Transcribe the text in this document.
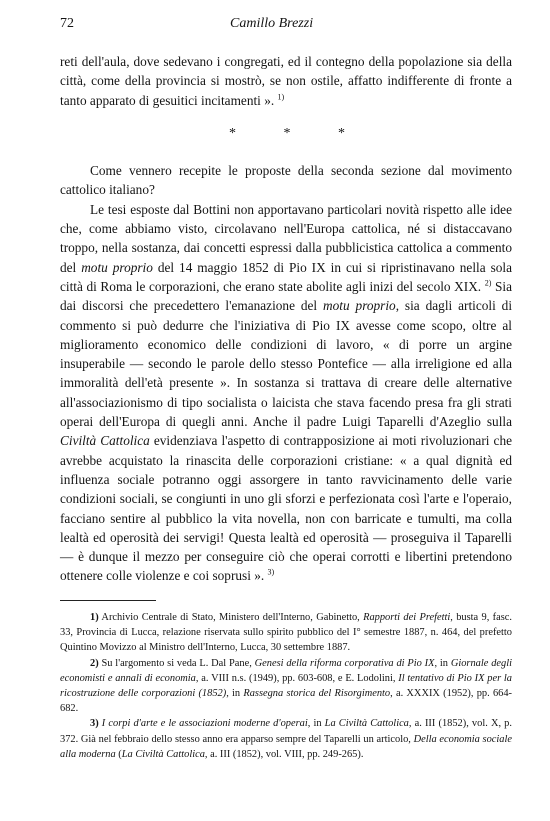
72	Camillo Brezzi

reti dell'aula, dove sedevano i congregati, ed il contegno della popolazione sia della città, come della provincia si mostrò, se non ostile, affatto indifferente di fronte a tanto apparato di gesuitici incitamenti ». $^{1)}$

* * *

Come vennero recepite le proposte della seconda sezione dal movimento cattolico italiano?

Le tesi esposte dal Bottini non apportavano particolari novità rispetto alle idee che, come abbiamo visto, circolavano nell'Europa cattolica, né si distaccavano troppo, nella sostanza, dai concetti espressi dalla pubblicistica cattolica a commento del motu proprio del 14 maggio 1852 di Pio IX in cui si ripristinavano nella sola città di Roma le corporazioni, che erano state abolite agli inizi del secolo XIX. $^{2)}$ Sia dai discorsi che precedettero l'emanazione del motu proprio, sia dagli articoli di commento si può dedurre che l'iniziativa di Pio IX avesse come scopo, oltre al miglioramento economico delle condizioni di lavoro, « di porre un argine insuperabile — secondo le parole dello stesso Pontefice — alla irreligione ed alla immoralità dell'età presente ». In sostanza si trattava di creare delle alternative all'associazionismo di tipo socialista o laicista che stava facendo presa fra gli strati operai dell'Europa di quegli anni. Anche il padre Luigi Taparelli d'Azeglio sulla Civiltà Cattolica evidenziava l'aspetto di contrapposizione ai moti rivoluzionari che avrebbe acquistato la rinascita delle corporazioni cristiane: « a qual dignità ed influenza sociale potranno oggi assorgere in tanto ravvicinamento delle varie condizioni sociali, se congiunti in uno gli sforzi e perfezionata così l'arte e l'operaio, facciano sentire al pubblico la vita novella, non con barricate e tumulti, ma colla lealtà ed operosità dei servigi! Questa lealtà ed operosità — proseguiva il Taparelli — è dunque il mezzo per conseguire ciò che operai corrotti e libertini pretendono ottenere colle violenze e coi soprusi ». $^{3)}$

1) Archivio Centrale di Stato, Ministero dell'Interno, Gabinetto, Rapporti dei Prefetti, busta 9, fasc. 33, Provincia di Lucca, relazione riservata sullo spirito pubblico del I° semestre 1887, n. 464, del prefetto Quintino Movizzo al Ministro dell'Interno, Lucca, 30 settembre 1887.

2) Su l'argomento si veda L. Dal Pane, Genesi della riforma corporativa di Pio IX, in Giornale degli economisti e annali di economia, a. VIII n.s. (1949), pp. 603-608, e E. Lodolini, Il tentativo di Pio IX per la ricostruzione delle corporazioni (1852), in Rassegna storica del Risorgimento, a. XXXIX (1952), pp. 664-682.

3) I corpi d'arte e le associazioni moderne d'operai, in La Civiltà Cattolica, a. III (1852), vol. X, p. 372. Già nel febbraio dello stesso anno era apparso sempre del Taparelli un articolo, Della economia sociale alla moderna (La Civiltà Cattolica, a. III (1852), vol. VIII, pp. 249-265).
